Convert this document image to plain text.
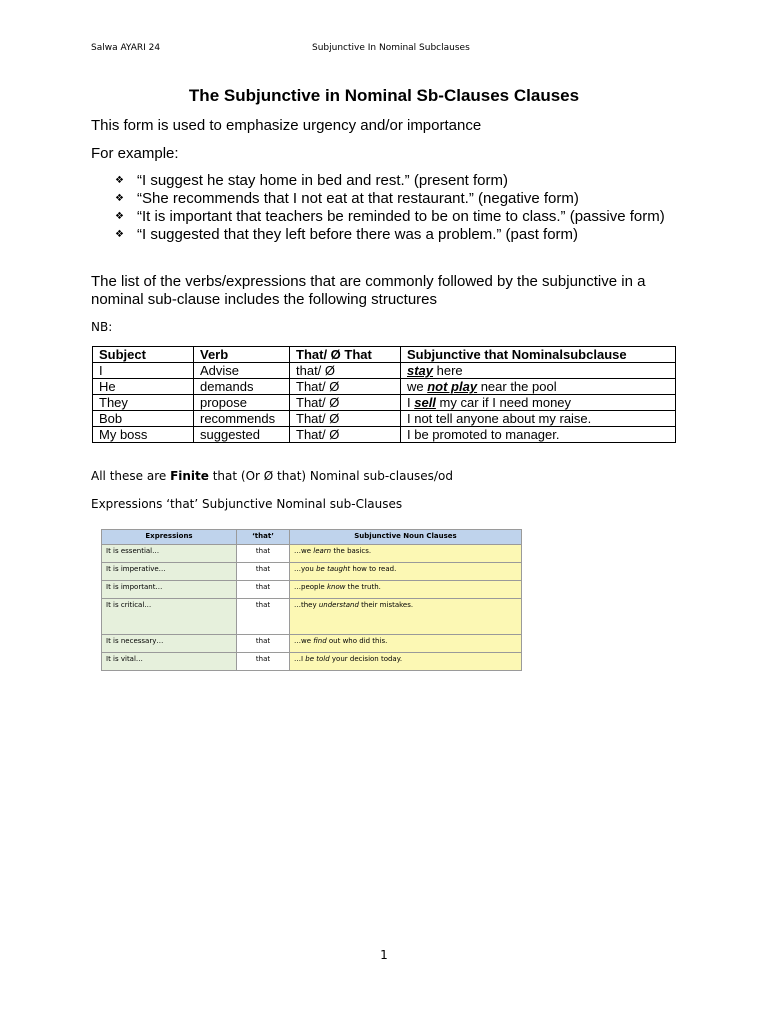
Salwa AYARI 24	Subjunctive In Nominal Subclauses
The Subjunctive in Nominal Sb-Clauses Clauses
This form is used to emphasize urgency and/or importance
For example:
❖ “I suggest he stay home in bed and rest.” (present form)
❖ “She recommends that I not eat at that restaurant.” (negative form)
❖ “It is important that teachers be reminded to be on time to class.” (passive form)
❖ “I suggested that they left before there was a problem.” (past form)
The list of the verbs/expressions that are commonly followed by the subjunctive in a nominal sub-clause includes the following structures
NB:
Subject	Verb	That/ Ø That	Subjunctive that Nominalsubclause
I	Advise	that/ Ø	stay here
He	demands	That/ Ø	we not play near the pool
They	propose	That/ Ø	I sell my car if I need money
Bob	recommends	That/ Ø	I not tell anyone about my raise.
My boss	suggested	That/ Ø	I be promoted to manager.
All these are Finite that (Or Ø that) Nominal sub-clauses/od
Expressions ‘that’ Subjunctive Nominal sub-Clauses
Expressions	‘that’	Subjunctive Noun Clauses
It is essential…	that	…we learn the basics.
It is imperative…	that	…you be taught how to read.
It is important…	that	…people know the truth.
It is critical…	that	…they understand their mistakes.
It is necessary…	that	…we find out who did this.
It is vital…	that	…I be told your decision today.
1
